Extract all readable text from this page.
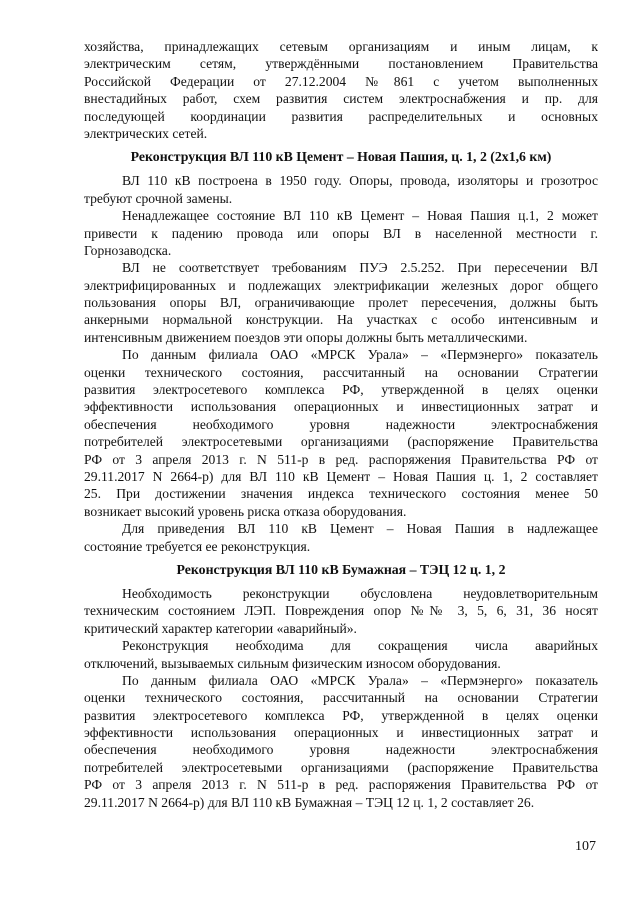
хозяйства, принадлежащих сетевым организациям и иным лицам, к
электрическим сетям, утверждёнными постановлением Правительства
Российской Федерации от 27.12.2004 №861 с учетом выполненных
внестадийных работ, схем развития систем электроснабжения и пр. для
последующей координации развития распределительных и основных
электрических сетей.
Реконструкция ВЛ 110 кВ Цемент – Новая Пашия, ц. 1, 2 (2х1,6 км)
ВЛ 110 кВ построена в 1950 году. Опоры, провода, изоляторы и грозотрос
требуют срочной замены.
Ненадлежащее состояние ВЛ 110 кВ Цемент – Новая Пашия ц.1, 2 может
привести к падению провода или опоры ВЛ в населенной местности г.
Горнозаводска.
ВЛ не соответствует требованиям ПУЭ 2.5.252. При пересечении ВЛ
электрифицированных и подлежащих электрификации железных дорог общего
пользования опоры ВЛ, ограничивающие пролет пересечения, должны быть
анкерными нормальной конструкции. На участках с особо интенсивным и
интенсивным движением поездов эти опоры должны быть металлическими.
По данным филиала ОАО «МРСК Урала» – «Пермэнерго» показатель
оценки технического состояния, рассчитанный на основании Стратегии
развития электросетевого комплекса РФ, утвержденной в целях оценки
эффективности использования операционных и инвестиционных затрат и
обеспечения необходимого уровня надежности электроснабжения
потребителей электросетевыми организациями (распоряжение Правительства
РФ от 3 апреля 2013 г. N 511-р в ред. распоряжения Правительства РФ от
29.11.2017 N 2664-р) для ВЛ 110 кВ Цемент – Новая Пашия ц. 1, 2 составляет
25. При достижении значения индекса технического состояния менее 50
возникает высокий уровень риска отказа оборудования.
Для приведения ВЛ 110 кВ Цемент – Новая Пашия в надлежащее
состояние требуется ее реконструкция.
Реконструкция ВЛ 110 кВ Бумажная – ТЭЦ 12 ц. 1, 2
Необходимость реконструкции обусловлена неудовлетворительным
техническим состоянием ЛЭП. Повреждения опор №№ 3, 5, 6, 31, 36 носят
критический характер категории «аварийный».
Реконструкция необходима для сокращения числа аварийных
отключений, вызываемых сильным физическим износом оборудования.
По данным филиала ОАО «МРСК Урала» – «Пермэнерго» показатель
оценки технического состояния, рассчитанный на основании Стратегии
развития электросетевого комплекса РФ, утвержденной в целях оценки
эффективности использования операционных и инвестиционных затрат и
обеспечения необходимого уровня надежности электроснабжения
потребителей электросетевыми организациями (распоряжение Правительства
РФ от 3 апреля 2013 г. N 511-р в ред. распоряжения Правительства РФ от
29.11.2017 N 2664-р) для ВЛ 110 кВ Бумажная – ТЭЦ 12 ц. 1, 2 составляет 26.
107
